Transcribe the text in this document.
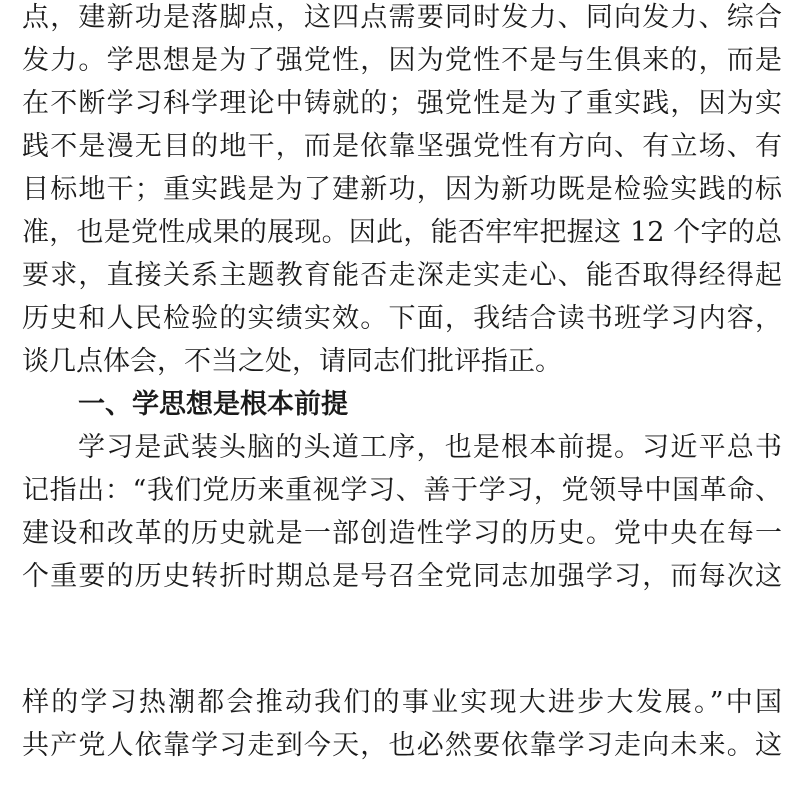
点，建新功是落脚点，这四点需要同时发力、同向发力、综合
发力。学思想是为了强党性，因为党性不是与生俱来的，而是
在不断学习科学理论中铸就的；强党性是为了重实践，因为实
践不是漫无目的地干，而是依靠坚强党性有方向、有立场、有
目标地干；重实践是为了建新功，因为新功既是检验实践的标
准，也是党性成果的展现。因此，能否牢牢把握这 12 个字的总
要求，直接关系主题教育能否走深走实走心、能否取得经得起
历史和人民检验的实绩实效。下面，我结合读书班学习内容，
谈几点体会，不当之处，请同志们批评指正。
一、学思想是根本前提
学习是武装头脑的头道工序，也是根本前提。习近平总书
记指出：“我们党历来重视学习、善于学习，党领导中国革命、
建设和改革的历史就是一部创造性学习的历史。党中央在每一
个重要的历史转折时期总是号召全党同志加强学习，而每次这
样的学习热潮都会推动我们的事业实现大进步大发展。”中国
共产党人依靠学习走到今天，也必然要依靠学习走向未来。这
